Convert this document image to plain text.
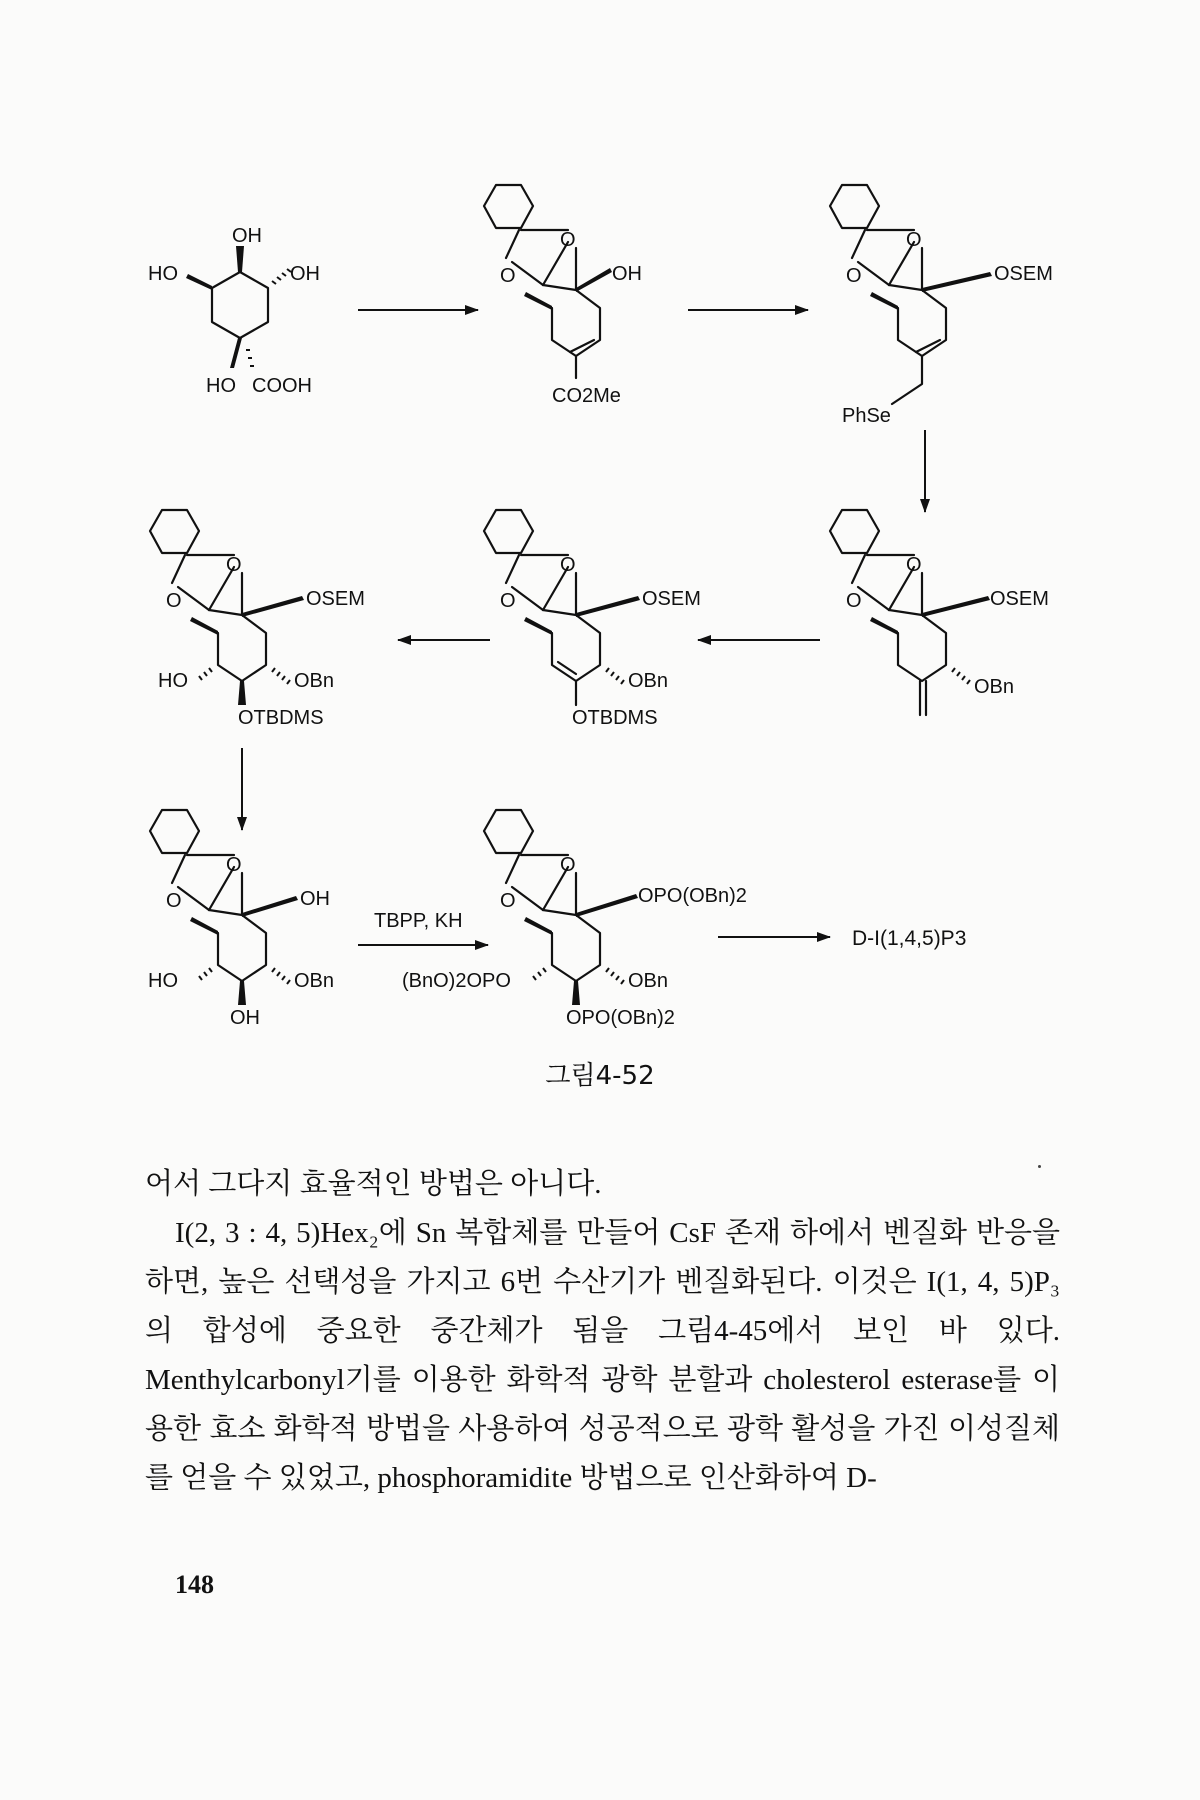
OH
HO	OH
HO COOH
O
O	OH
CO2Me
O
O	OSEM
PhSe
O
O	OSEM
OBn
O
O	OSEM
OBn
OTBDMS
O
O	OSEM
OBn
HO
OTBDMS
O
O	OH
OBn
HO
OH
TBPP, KH
O
O	OPO(OBn)2
OBn
(BnO)2OPO
OPO(OBn)2
D-I(1,4,5)P3
그림4-52

어서 그다지 효율적인 방법은 아니다.

I(2, 3 : 4, 5)Hex₂에 Sn 복합체를 만들어 CsF 존재 하에서 벤질화 반응을 하면, 높은 선택성을 가지고 6번 수산기가 벤질화된다. 이것은 I(1, 4, 5)P₃의 합성에 중요한 중간체가 됨을 그림4-45에서 보인 바 있다. Menthylcarbonyl기를 이용한 화학적 광학 분할과 cholesterol esterase를 이용한 효소 화학적 방법을 사용하여 성공적으로 광학 활성을 가진 이성질체를 얻을 수 있었고, phosphoramidite 방법으로 인산화하여 D-

148
